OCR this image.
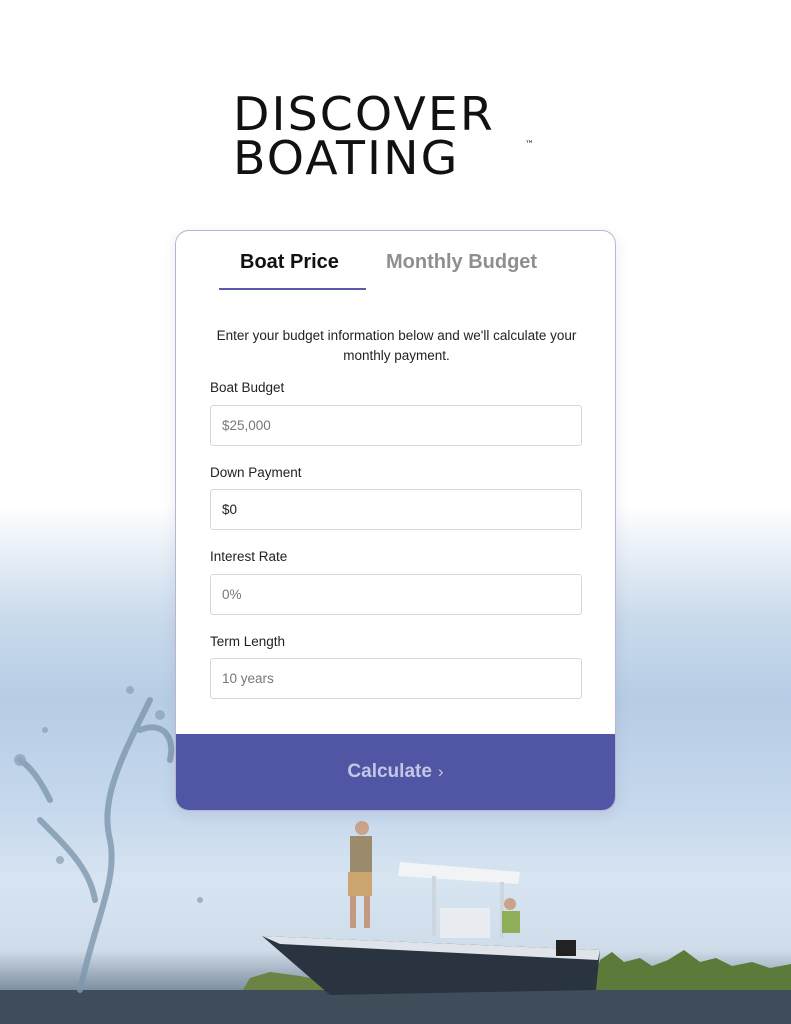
DISCOVER
BOATING	™
Boat Price Monthly Budget

Enter your budget information below and we'll calculate your monthly payment.

Boat Budget
$25,000
Down Payment
$0
Interest Rate
0%
Term Length
10 years
Calculate ›
